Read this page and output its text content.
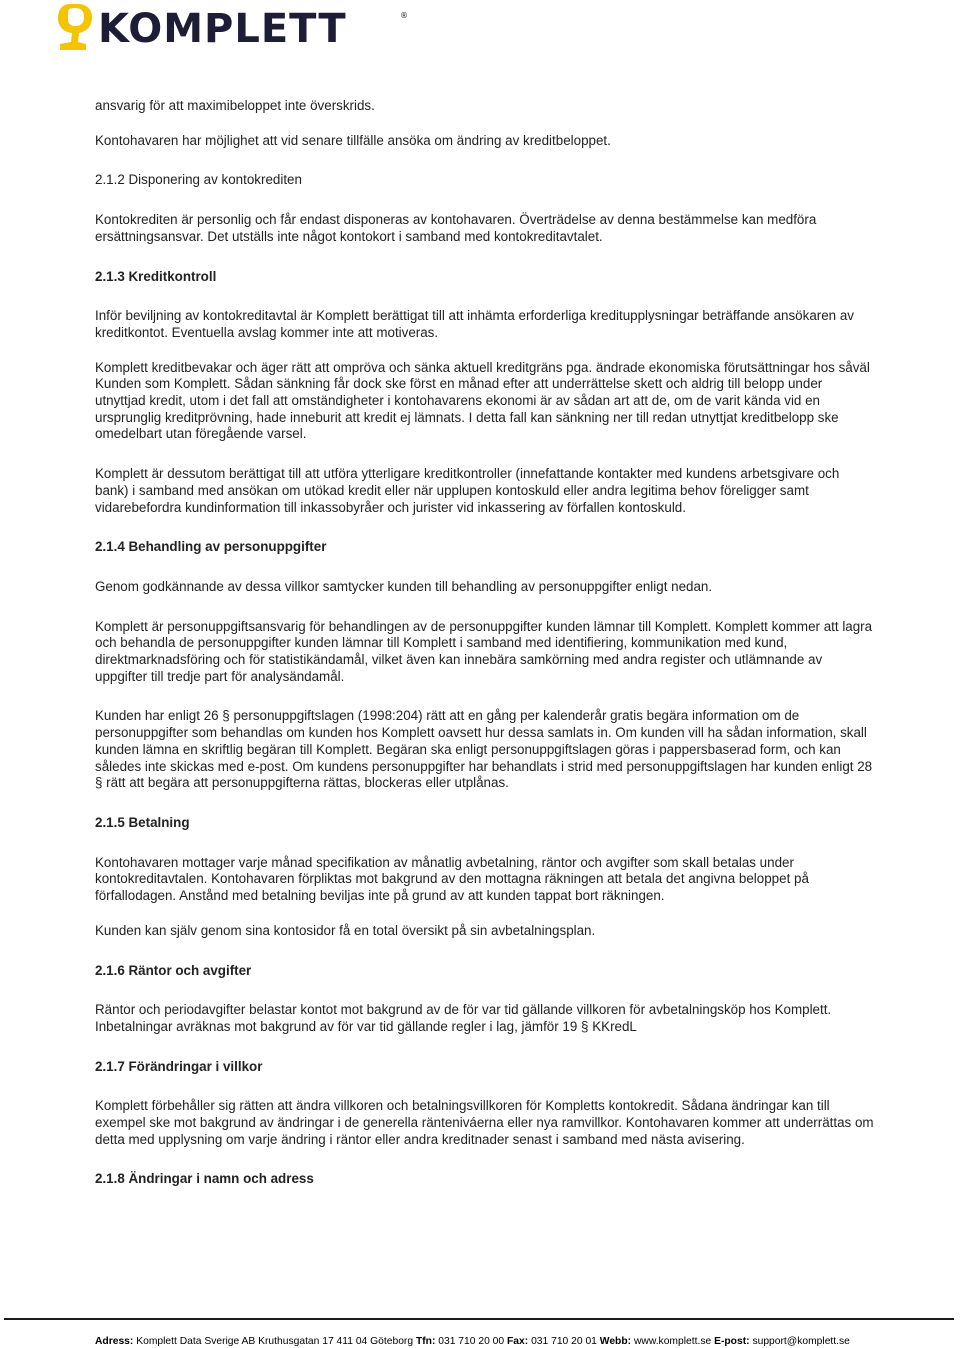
KOMPLETT	®

ansvarig för att maximibeloppet inte överskrids.

Kontohavaren har möjlighet att vid senare tillfälle ansöka om ändring av kreditbeloppet.

2.1.2 Disponering av kontokrediten

Kontokrediten är personlig och får endast disponeras av kontohavaren. Överträdelse av denna bestämmelse kan medföra ersättningsansvar. Det utställs inte något kontokort i samband med kontokreditavtalet.

2.1.3 Kreditkontroll

Inför beviljning av kontokreditavtal är Komplett berättigat till att inhämta erforderliga kreditupplysningar beträffande ansökaren av kreditkontot. Eventuella avslag kommer inte att motiveras.

Komplett kreditbevakar och äger rätt att ompröva och sänka aktuell kreditgräns pga. ändrade ekonomiska förutsättningar hos såväl Kunden som Komplett. Sådan sänkning får dock ske först en månad efter att underrättelse skett och aldrig till belopp under utnyttjad kredit, utom i det fall att omständigheter i kontohavarens ekonomi är av sådan art att de, om de varit kända vid en ursprunglig kreditprövning, hade inneburit att kredit ej lämnats. I detta fall kan sänkning ner till redan utnyttjat kreditbelopp ske omedelbart utan föregående varsel.

Komplett är dessutom berättigat till att utföra ytterligare kreditkontroller (innefattande kontakter med kundens arbetsgivare och bank) i samband med ansökan om utökad kredit eller när upplupen kontoskuld eller andra legitima behov föreligger samt vidarebefordra kundinformation till inkassobyråer och jurister vid inkassering av förfallen kontoskuld.

2.1.4 Behandling av personuppgifter

Genom godkännande av dessa villkor samtycker kunden till behandling av personuppgifter enligt nedan.

Komplett är personuppgiftsansvarig för behandlingen av de personuppgifter kunden lämnar till Komplett. Komplett kommer att lagra och behandla de personuppgifter kunden lämnar till Komplett i samband med identifiering, kommunikation med kund, direktmarknadsföring och för statistikändamål, vilket även kan innebära samkörning med andra register och utlämnande av uppgifter till tredje part för analysändamål.

Kunden har enligt 26 § personuppgiftslagen (1998:204) rätt att en gång per kalenderår gratis begära information om de personuppgifter som behandlas om kunden hos Komplett oavsett hur dessa samlats in. Om kunden vill ha sådan information, skall kunden lämna en skriftlig begäran till Komplett. Begäran ska enligt personuppgiftslagen göras i pappersbaserad form, och kan således inte skickas med e-post. Om kundens personuppgifter har behandlats i strid med personuppgiftslagen har kunden enligt 28 § rätt att begära att personuppgifterna rättas, blockeras eller utplånas.

2.1.5 Betalning

Kontohavaren mottager varje månad specifikation av månatlig avbetalning, räntor och avgifter som skall betalas under kontokreditavtalen. Kontohavaren förpliktas mot bakgrund av den mottagna räkningen att betala det angivna beloppet på förfallodagen. Anstånd med betalning beviljas inte på grund av att kunden tappat bort räkningen.

Kunden kan själv genom sina kontosidor få en total översikt på sin avbetalningsplan.

2.1.6 Räntor och avgifter

Räntor och periodavgifter belastar kontot mot bakgrund av de för var tid gällande villkoren för avbetalningsköp hos Komplett. Inbetalningar avräknas mot bakgrund av för var tid gällande regler i lag, jämför 19 § KKredL

2.1.7 Förändringar i villkor

Komplett förbehåller sig rätten att ändra villkoren och betalningsvillkoren för Kompletts kontokredit. Sådana ändringar kan till exempel ske mot bakgrund av ändringar i de generella ränteniváerna eller nya ramvillkor. Kontohavaren kommer att underrättas om detta med upplysning om varje ändring i räntor eller andra kreditnader senast i samband med nästa avisering.

2.1.8 Ändringar i namn och adress

Adress: Komplett Data Sverige AB Kruthusgatan 17 411 04 Göteborg Tfn: 031 710 20 00 Fax: 031 710 20 01 Webb: www.komplett.se E-post: support@komplett.se
